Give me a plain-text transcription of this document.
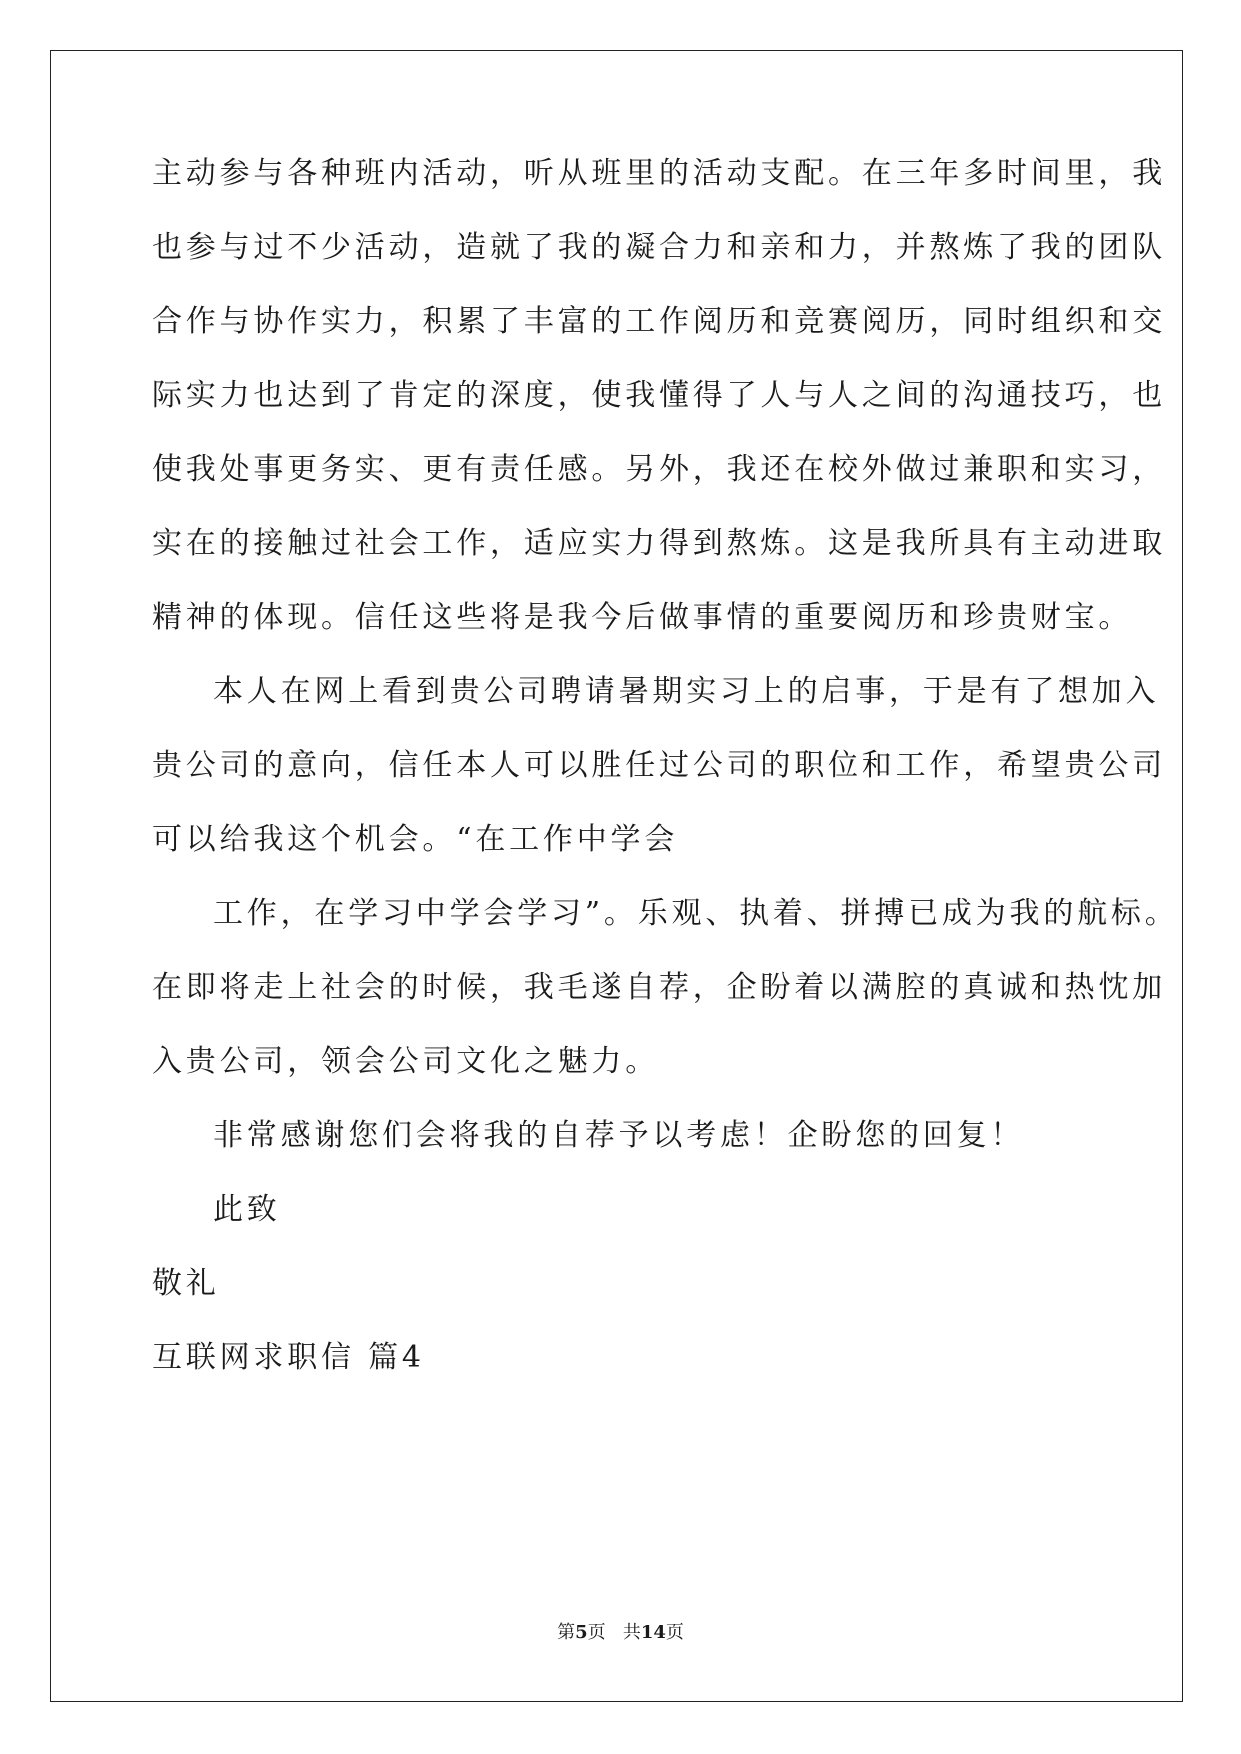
主动参与各种班内活动，听从班里的活动支配。在三年多时间里，我
也参与过不少活动，造就了我的凝合力和亲和力，并熬炼了我的团队
合作与协作实力，积累了丰富的工作阅历和竞赛阅历，同时组织和交
际实力也达到了肯定的深度，使我懂得了人与人之间的沟通技巧，也
使我处事更务实、更有责任感。另外，我还在校外做过兼职和实习，
实在的接触过社会工作，适应实力得到熬炼。这是我所具有主动进取
精神的体现。信任这些将是我今后做事情的重要阅历和珍贵财宝。
本人在网上看到贵公司聘请暑期实习上的启事，于是有了想加入
贵公司的意向，信任本人可以胜任过公司的职位和工作，希望贵公司
可以给我这个机会。“在工作中学会
工作，在学习中学会学习”。乐观、执着、拼搏已成为我的航标。
在即将走上社会的时候，我毛遂自荐，企盼着以满腔的真诚和热忱加
入贵公司，领会公司文化之魅力。
非常感谢您们会将我的自荐予以考虑！企盼您的回复！
此致
敬礼
互联网求职信 篇4
第5页 共14页
